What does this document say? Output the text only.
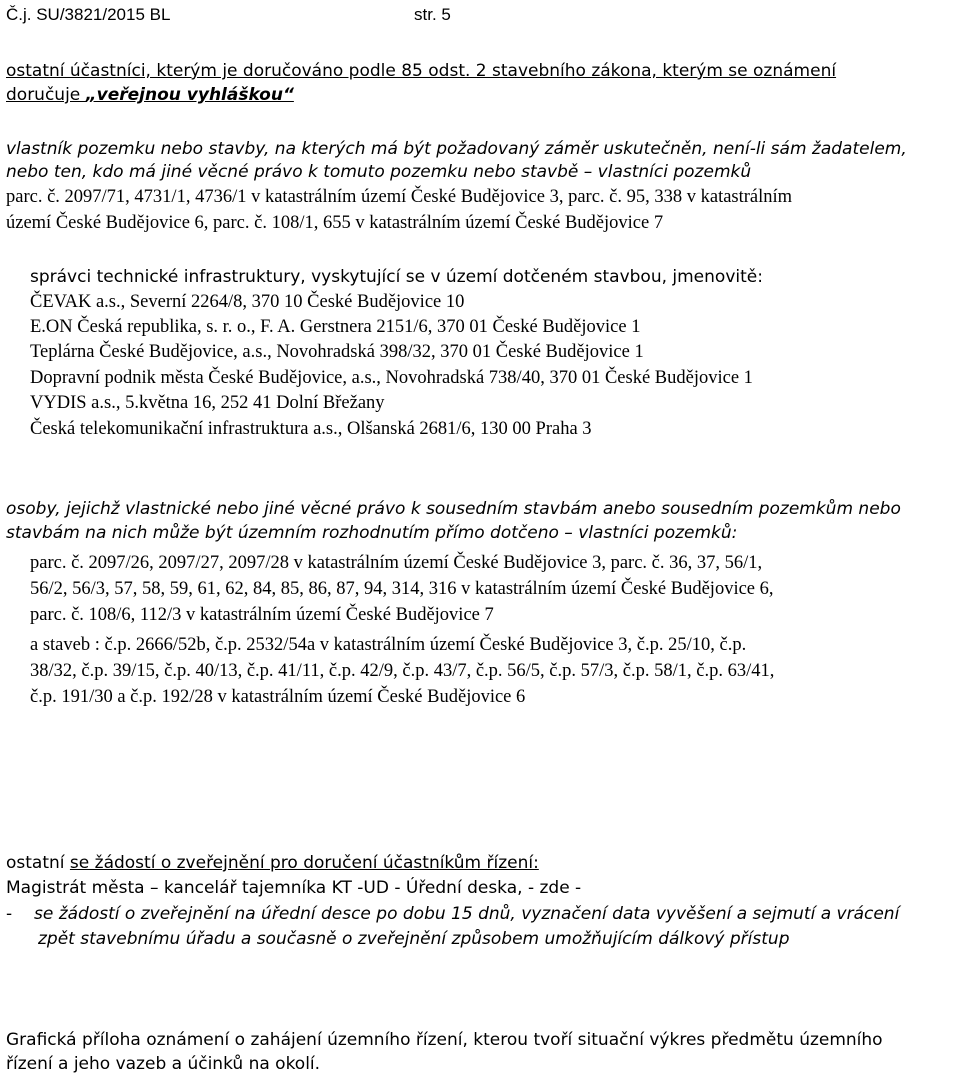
Č.j. SU/3821/2015 BL	str. 5
ostatní účastníci, kterým je doručováno podle 85 odst. 2 stavebního zákona, kterým se oznámení
doručuje „veřejnou vyhláškou“
vlastník pozemku nebo stavby, na kterých má být požadovaný záměr uskutečněn, není-li sám žadatelem,
nebo ten, kdo má jiné věcné právo k tomuto pozemku nebo stavbě – vlastníci pozemků
parc. č. 2097/71, 4731/1, 4736/1 v katastrálním území České Budějovice 3, parc. č. 95, 338 v katastrálním
území České Budějovice 6, parc. č. 108/1, 655 v katastrálním území České Budějovice 7
správci technické infrastruktury, vyskytující se v území dotčeném stavbou, jmenovitě:
ČEVAK a.s., Severní 2264/8, 370 10 České Budějovice 10
E.ON Česká republika, s. r. o., F. A. Gerstnera 2151/6, 370 01 České Budějovice 1
Teplárna České Budějovice, a.s., Novohradská 398/32, 370 01 České Budějovice 1
Dopravní podnik města České Budějovice, a.s., Novohradská 738/40, 370 01 České Budějovice 1
VYDIS a.s., 5.května 16, 252 41 Dolní Břežany
Česká telekomunikační infrastruktura a.s., Olšanská 2681/6, 130 00 Praha 3
osoby, jejichž vlastnické nebo jiné věcné právo k sousedním stavbám anebo sousedním pozemkům nebo
stavbám na nich může být územním rozhodnutím přímo dotčeno – vlastníci pozemků:
parc. č. 2097/26, 2097/27, 2097/28 v katastrálním území České Budějovice 3, parc. č. 36, 37, 56/1,
56/2, 56/3, 57, 58, 59, 61, 62, 84, 85, 86, 87, 94, 314, 316 v katastrálním území České Budějovice 6,
parc. č. 108/6, 112/3 v katastrálním území České Budějovice 7
a staveb : č.p. 2666/52b, č.p. 2532/54a v katastrálním území České Budějovice 3, č.p. 25/10, č.p.
38/32, č.p. 39/15, č.p. 40/13, č.p. 41/11, č.p. 42/9, č.p. 43/7, č.p. 56/5, č.p. 57/3, č.p. 58/1, č.p. 63/41,
č.p. 191/30 a č.p. 192/28 v katastrálním území České Budějovice 6
ostatní se žádostí o zveřejnění pro doručení účastníkům řízení:
Magistrát města – kancelář tajemníka KT -UD - Úřední deska, - zde -
- se žádostí o zveřejnění na úřední desce po dobu 15 dnů, vyznačení data vyvěšení a sejmutí a vrácení
zpět stavebnímu úřadu a současně o zveřejnění způsobem umožňujícím dálkový přístup
Grafická příloha oznámení o zahájení územního řízení, kterou tvoří situační výkres předmětu územního
řízení a jeho vazeb a účinků na okolí.
